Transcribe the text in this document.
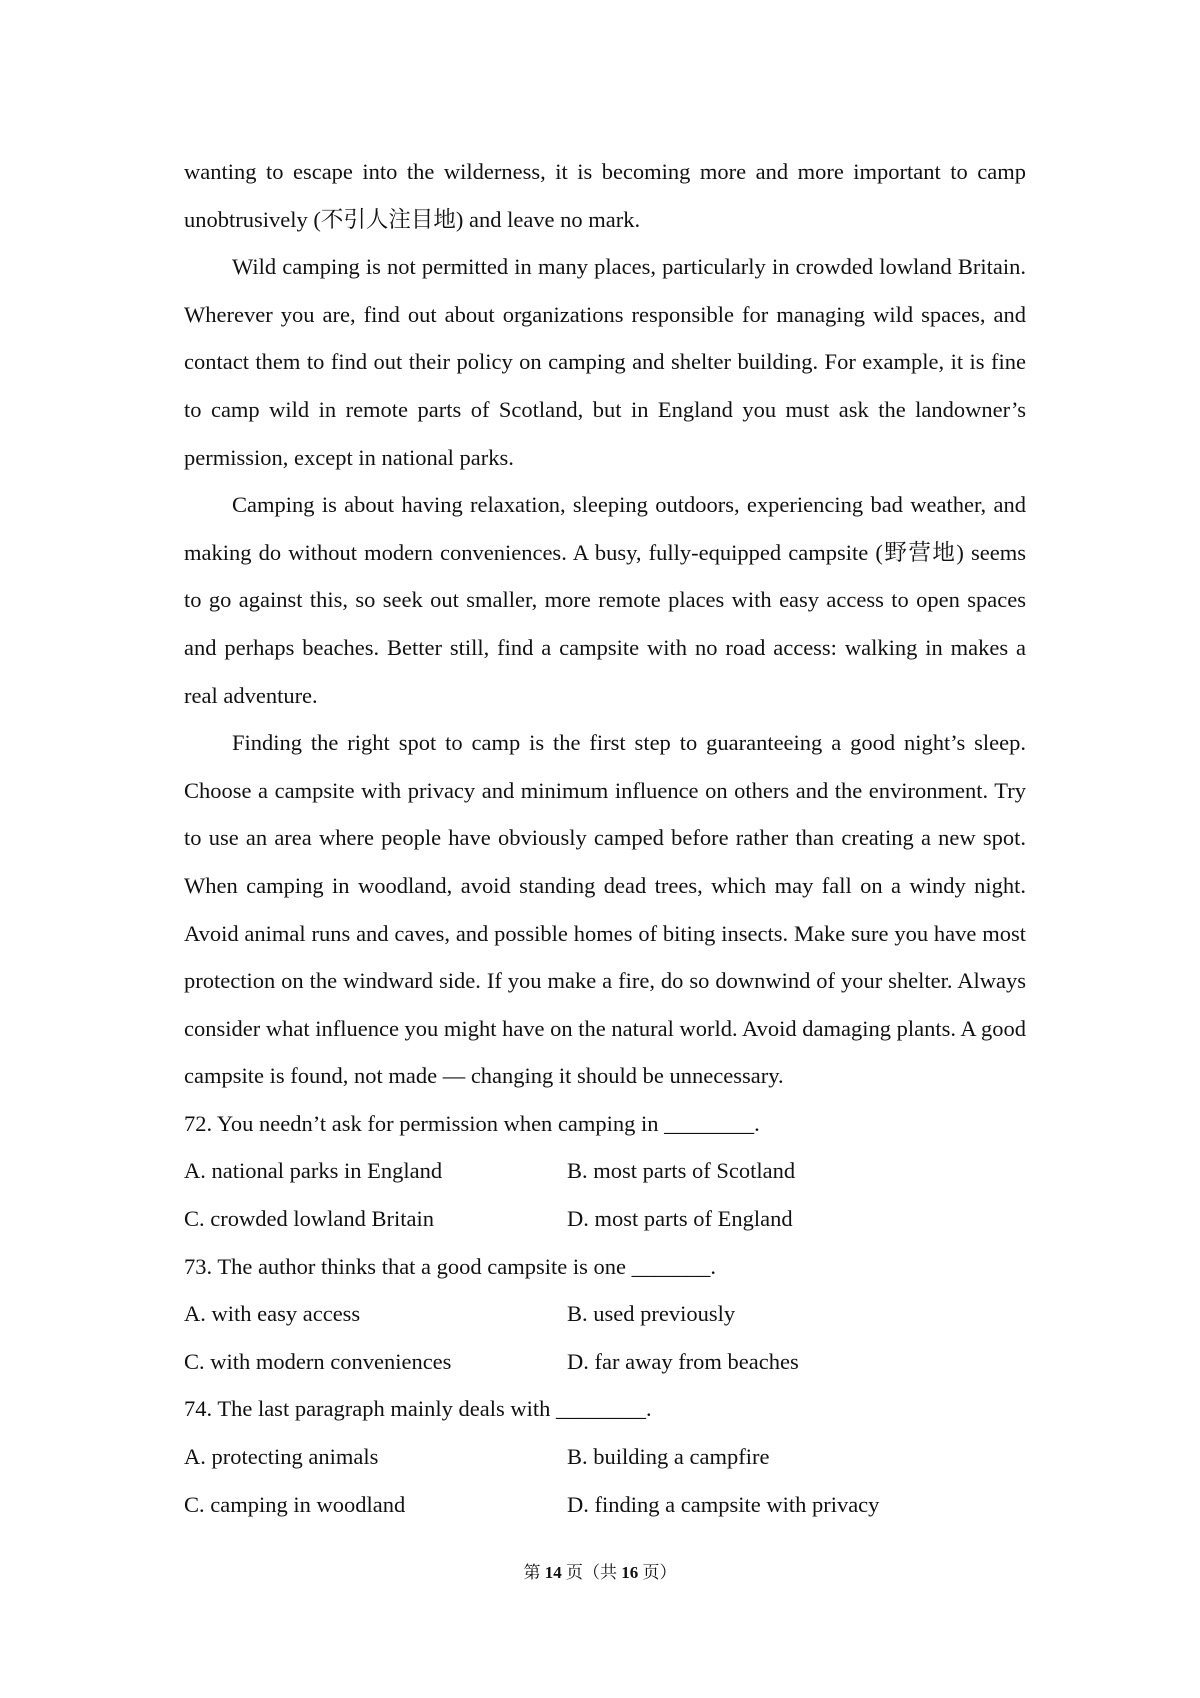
wanting to escape into the wilderness, it is becoming more and more important to camp unobtrusively (不引人注目地) and leave no mark.

Wild camping is not permitted in many places, particularly in crowded lowland Britain. Wherever you are, find out about organizations responsible for managing wild spaces, and contact them to find out their policy on camping and shelter building. For example, it is fine to camp wild in remote parts of Scotland, but in England you must ask the landowner’s permission, except in national parks.

Camping is about having relaxation, sleeping outdoors, experiencing bad weather, and making do without modern conveniences. A busy, fully-equipped campsite (野营地) seems to go against this, so seek out smaller, more remote places with easy access to open spaces and perhaps beaches. Better still, find a campsite with no road access: walking in makes a real adventure.

Finding the right spot to camp is the first step to guaranteeing a good night’s sleep. Choose a campsite with privacy and minimum influence on others and the environment. Try to use an area where people have obviously camped before rather than creating a new spot. When camping in woodland, avoid standing dead trees, which may fall on a windy night. Avoid animal runs and caves, and possible homes of biting insects. Make sure you have most protection on the windward side. If you make a fire, do so downwind of your shelter. Always consider what influence you might have on the natural world. Avoid damaging plants. A good campsite is found, not made — changing it should be unnecessary.

72. You needn’t ask for permission when camping in ________.

A. national parks in England	B. most parts of Scotland
C. crowded lowland Britain	D. most parts of England

73. The author thinks that a good campsite is one _______.

A. with easy access	B. used previously
C. with modern conveniences	D. far away from beaches

74. The last paragraph mainly deals with ________.

A. protecting animals	B. building a campfire
C. camping in woodland	D. finding a campsite with privacy
第 14 页（共 16 页）
